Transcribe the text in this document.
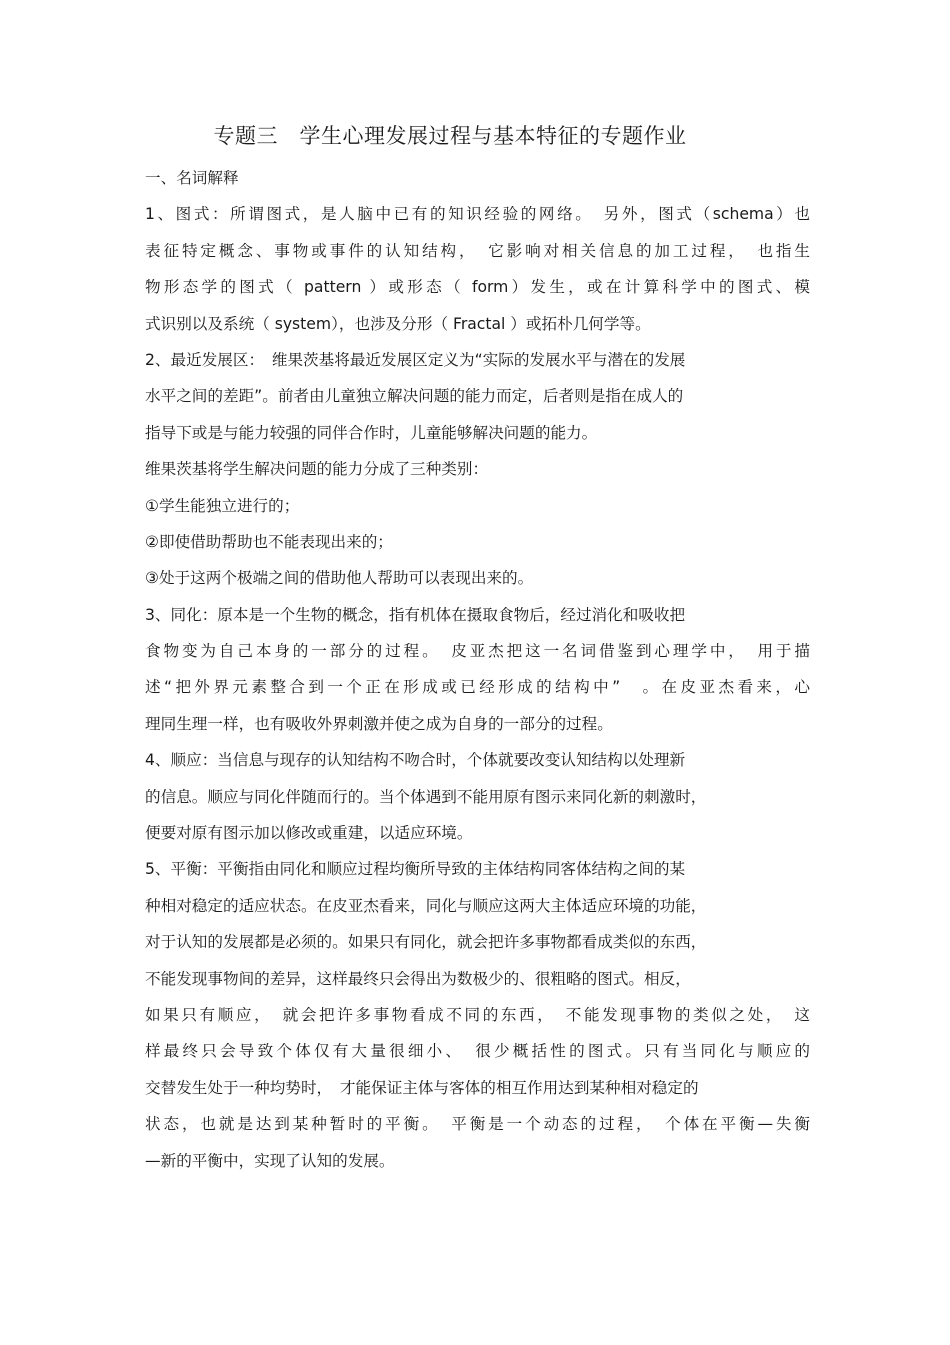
专题三　学生心理发展过程与基本特征的专题作业
一、名词解释
1、图式：所谓图式，是人脑中已有的知识经验的网络。　另外，图式（schema）也
表征特定概念、事物或事件的认知结构，　它影响对相关信息的加工过程，　也指生
物形态学的图式（ pattern ）或形态（ form）发生，或在计算科学中的图式、模
式识别以及系统（ system），也涉及分形（ Fractal ）或拓朴几何学等。
2、最近发展区：　维果茨基将最近发展区定义为“实际的发展水平与潜在的发展
水平之间的差距”。前者由儿童独立解决问题的能力而定，后者则是指在成人的
指导下或是与能力较强的同伴合作时，儿童能够解决问题的能力。
维果茨基将学生解决问题的能力分成了三种类别：
①学生能独立进行的；
②即使借助帮助也不能表现出来的；
③处于这两个极端之间的借助他人帮助可以表现出来的。
3、同化：原本是一个生物的概念，指有机体在摄取食物后，经过消化和吸收把
食物变为自己本身的一部分的过程。　皮亚杰把这一名词借鉴到心理学中，　用于描
述“把外界元素整合到一个正在形成或已经形成的结构中”　。在皮亚杰看来，心
理同生理一样，也有吸收外界刺激并使之成为自身的一部分的过程。
4、顺应：当信息与现存的认知结构不吻合时，个体就要改变认知结构以处理新
的信息。顺应与同化伴随而行的。当个体遇到不能用原有图示来同化新的刺激时，
便要对原有图示加以修改或重建，以适应环境。
5、平衡：平衡指由同化和顺应过程均衡所导致的主体结构同客体结构之间的某
种相对稳定的适应状态。在皮亚杰看来，同化与顺应这两大主体适应环境的功能，
对于认知的发展都是必须的。如果只有同化，就会把许多事物都看成类似的东西，
不能发现事物间的差异，这样最终只会得出为数极少的、很粗略的图式。相反，
如果只有顺应，　就会把许多事物看成不同的东西，　不能发现事物的类似之处，　这
样最终只会导致个体仅有大量很细小、　很少概括性的图式。只有当同化与顺应的
交替发生处于一种均势时，　才能保证主体与客体的相互作用达到某种相对稳定的
状态，也就是达到某种暂时的平衡。　平衡是一个动态的过程，　个体在平衡—失衡
—新的平衡中，实现了认知的发展。
